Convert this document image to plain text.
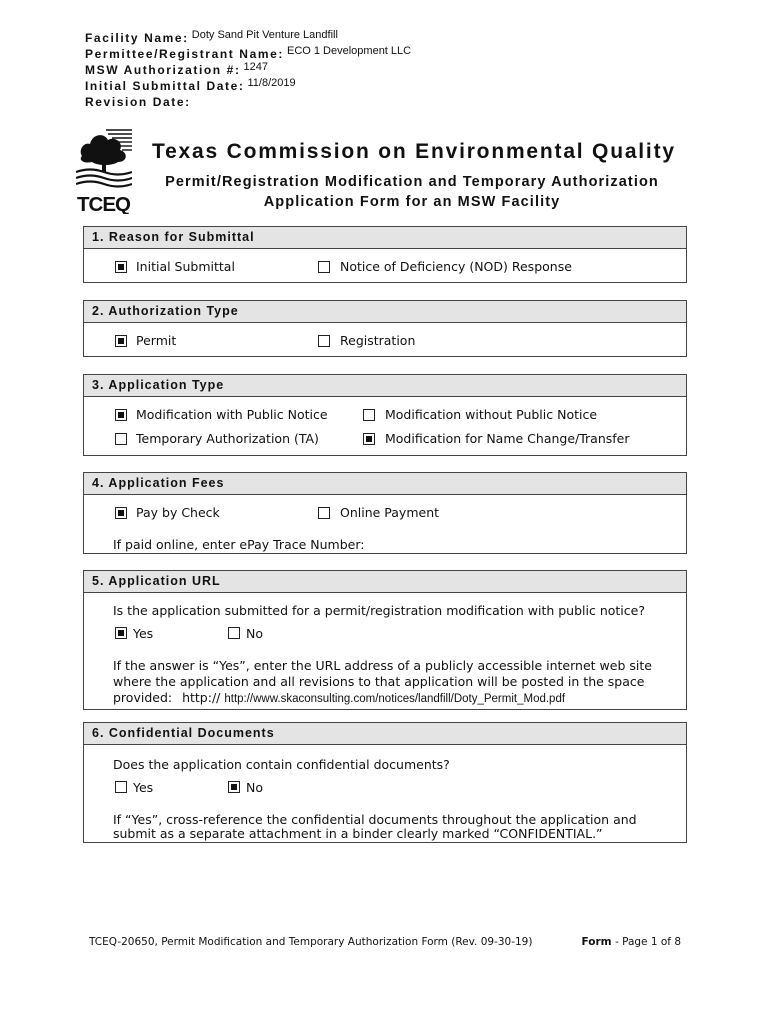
Facility Name: $^{Doty Sand Pit Venture Landfill}$
Permittee/Registrant Name: $^{ECO 1 Development LLC}$
MSW Authorization #: $^{1247}$
Initial Submittal Date: $^{11/8/2019}$
Revision Date:
TCEQ
Texas Commission on Environmental Quality
Permit/Registration Modification and Temporary Authorization
Application Form for an MSW Facility
1. Reason for Submittal
Initial Submittal	Notice of Deficiency (NOD) Response
2. Authorization Type
Permit	Registration
3. Application Type
Modification with Public Notice	Modification without Public Notice
Temporary Authorization (TA)	Modification for Name Change/Transfer
4. Application Fees
Pay by Check	Online Payment
If paid online, enter ePay Trace Number:
5. Application URL
Is the application submitted for a permit/registration modification with public notice?
Yes	No
If the answer is “Yes”, enter the URL address of a publicly accessible internet web site
where the application and all revisions to that application will be posted in the space
provided: http:// http://www.skaconsulting.com/notices/landfill/Doty_Permit_Mod.pdf
6. Confidential Documents
Does the application contain confidential documents?
Yes	No
If “Yes”, cross-reference the confidential documents throughout the application and
submit as a separate attachment in a binder clearly marked “CONFIDENTIAL.”
TCEQ-20650, Permit Modification and Temporary Authorization Form (Rev. 09-30-19)	Form - Page 1 of 8
